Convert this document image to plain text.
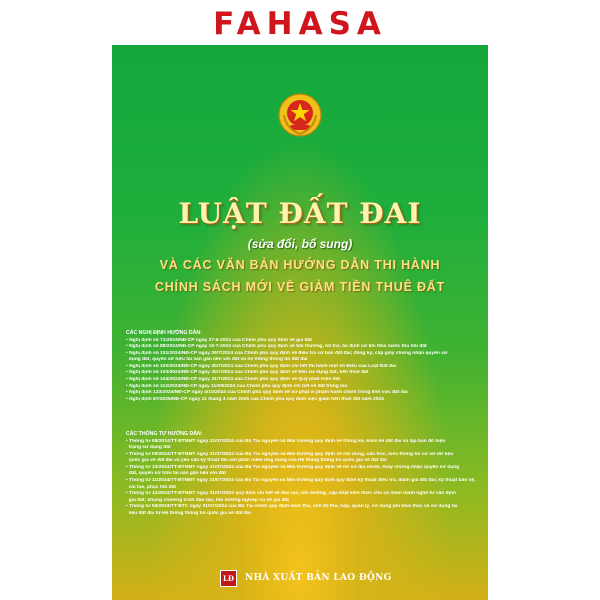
FAHASA
LUẬT ĐẤT ĐAI
(sửa đổi, bổ sung)
VÀ CÁC VĂN BẢN HƯỚNG DẪN THI HÀNH
CHÍNH SÁCH MỚI VỀ GIẢM TIỀN THUÊ ĐẤT
CÁC NGHỊ ĐỊNH HƯỚNG DẪN:
• Nghị định số 71/2024/NĐ-CP ngày 27-6-2024 của Chính phủ quy định về giá đất
• Nghị định số 88/2024/NĐ-CP ngày 15-7-2024 của Chính phủ quy định về bồi thường, hỗ trợ, tái định cư khi Nhà nước thu hồi đất
• Nghị định số 101/2024/NĐ-CP ngày 29/7/2024 của Chính phủ quy định về điều tra cơ bản đất đai; đăng ký, cấp giấy chứng nhận quyền sử
dụng đất, quyền sở hữu tài sản gắn liền với đất và hệ thống thông tin đất đai
• Nghị định số 102/2024/NĐ-CP ngày 30/7/2024 của Chính phủ quy định chi tiết thi hành một số Điều của Luật Đất đai
• Nghị định số 103/2024/NĐ-CP ngày 30/7/2024 của Chính phủ quy định về tiền sử dụng đất, tiền thuê đất
• Nghị định số 104/2024/NĐ-CP ngày 31/7/2024 của Chính phủ quy định về Quỹ phát triển đất
• Nghị định số 112/2024/NĐ-CP ngày 11/09/2024 của Chính phủ quy định chi tiết về đất trồng lúa
• Nghị định 123/2024/NĐ-CP ngày 4/10/2024 của Chính phủ quy định về xử phạt vi phạm hành chính trong lĩnh vực đất đai
• Nghị định 87/2025/NĐ-CP ngày 11 tháng 4 năm 2025 của Chính phủ quy định việc giảm tiền thuê đất năm 2024
CÁC THÔNG TƯ HƯỚNG DẪN:
• Thông tư 08/2024/TT-BTNMT ngày 31/07/2024 của Bộ Tài nguyên và Môi trường quy định về thống kê, kiểm kê đất đai và lập bản đồ hiện
trạng sử dụng đất
• Thông tư 09/2024/TT-BTNMT ngày 31/07/2024 của Bộ Tài nguyên và Môi trường quy định về nội dung, cấu trúc, kiểu thông tin cơ sở dữ liệu
quốc gia về đất đai và yêu cầu kỹ thuật đối với phần mềm ứng dụng của Hệ thống thông tin quốc gia về đất đai
• Thông tư 10/2024/TT-BTNMT ngày 31/07/2024 của Bộ Tài nguyên và Môi trường quy định về hồ sơ địa chính, Giấy chứng nhận quyền sử dụng
đất, quyền sở hữu tài sản gắn liền với đất
• Thông tư 11/2024/TT-BTNMT ngày 31/07/2024 của Bộ Tài nguyên và Môi trường quy định quy định kỹ thuật điều tra, đánh giá đất đai; kỹ thuật bảo vệ,
cải tạo, phục hồi đất
• Thông tư 12/2024/TT-BTNMT ngày 31/07/2024 quy định chi tiết về đào tạo, bồi dưỡng, cập nhật kiến thức cho cá nhân hành nghề tư vấn định
giá đất; khung chương trình đào tạo, bồi dưỡng nghiệp vụ về giá đất
• Thông tư 56/2024/TT-BTC ngày 31/07/2024 của Bộ Tài chính quy định mức thu, chế độ thu, nộp, quản lý, sử dụng phí khai thác và sử dụng tài
liệu đất đai từ Hệ thống thông tin quốc gia về đất đai
LĐ	NHÀ XUẤT BẢN LAO ĐỘNG
